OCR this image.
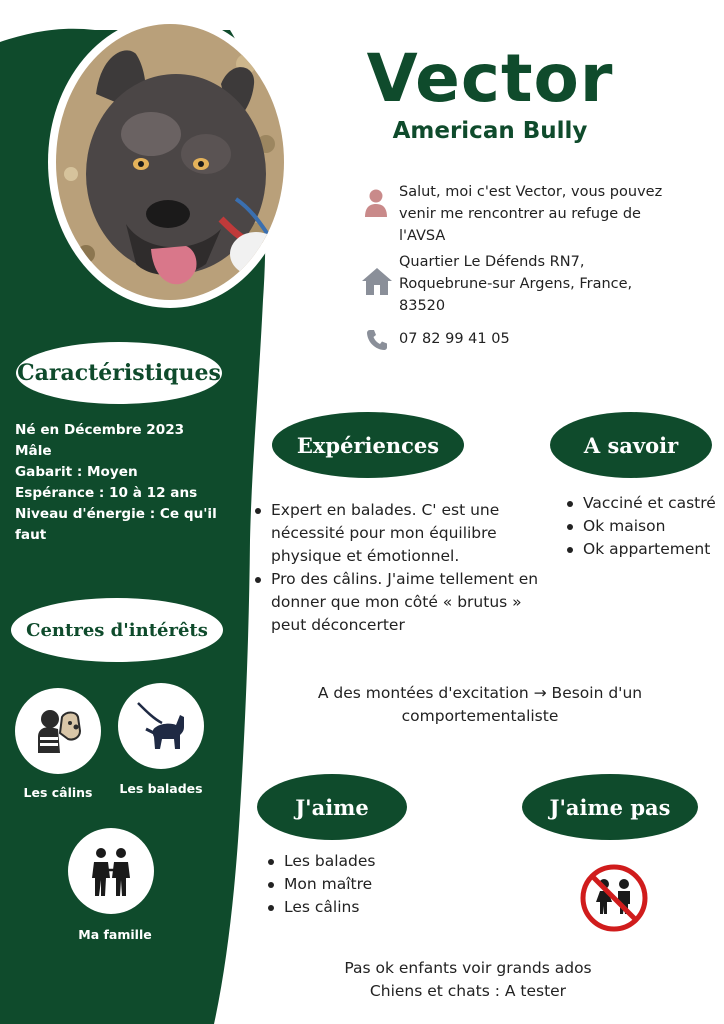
Vector
American Bully
Salut, moi c'est Vector, vous pouvez
venir me rencontrer au refuge de
l'AVSA
Quartier Le Défends RN7,
Roquebrune-sur Argens, France,
83520
07 82 99 41 05
Caractéristiques
Né en Décembre 2023
Mâle
Gabarit : Moyen
Espérance : 10 à 12 ans
Niveau d'énergie : Ce qu'il faut
Centres d'intérêts
Les câlins	Les balades
Ma famille
Expériences
Expert en balades. C' est une
nécessité pour mon équilibre
physique et émotionnel.
Pro des câlins. J'aime tellement en
donner que mon côté « brutus »
peut déconcerter
A savoir
Vacciné et castré
Ok maison
Ok appartement
A des montées d'excitation → Besoin d'un
comportementaliste
J'aime
Les balades
Mon maître
Les câlins
J'aime pas
Pas ok enfants voir grands ados
Chiens et chats : A tester
